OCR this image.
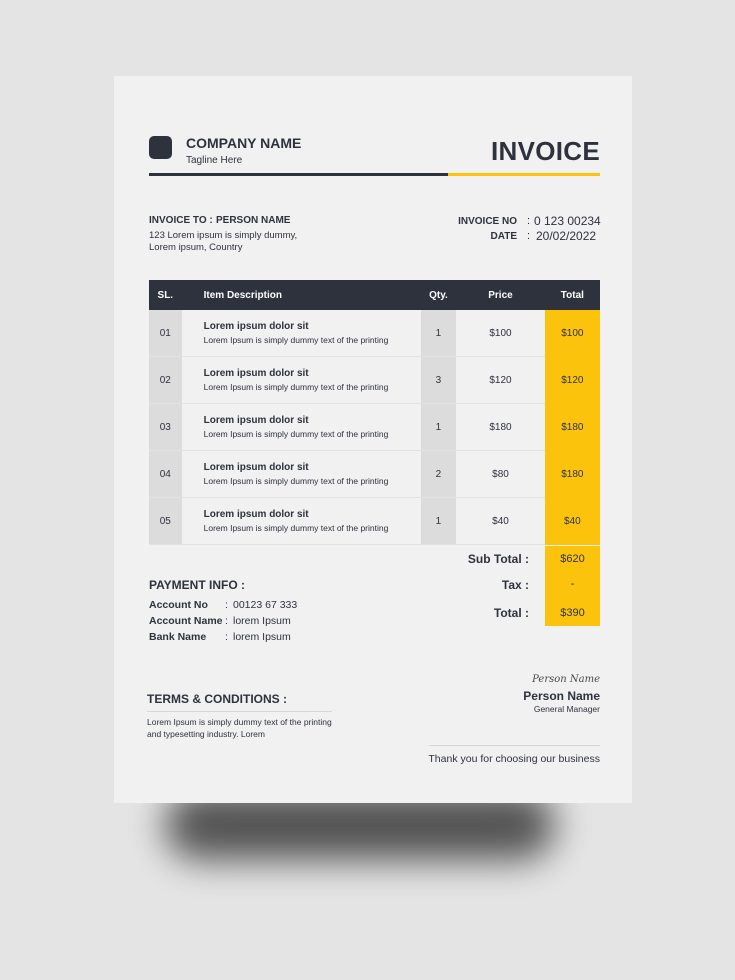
COMPANY NAME
Tagline Here	INVOICE
INVOICE TO : PERSON NAME
123 Lorem ipsum is simply dummy,
Lorem ipsum, Country
INVOICE NO : 0 123 00234
DATE : 20/02/2022
SL.	Item Description	Qty.	Price	Total
01	Lorem ipsum dolor sit
Lorem Ipsum is simply dummy text of the printing	1	$100	$100
02	Lorem ipsum dolor sit
Lorem Ipsum is simply dummy text of the printing	3	$120	$120
03	Lorem ipsum dolor sit
Lorem Ipsum is simply dummy text of the printing	1	$180	$180
04	Lorem ipsum dolor sit
Lorem Ipsum is simply dummy text of the printing	2	$80	$180
05	Lorem ipsum dolor sit
Lorem Ipsum is simply dummy text of the printing	1	$40	$40
Sub Total :	$620
Tax :	-
Total :	$390
PAYMENT INFO :
Account No : 00123 67 333
Account Name : lorem Ipsum
Bank Name : lorem Ipsum
TERMS & CONDITIONS :
Lorem Ipsum is simply dummy text of the printing
and typesetting industry. Lorem
Person Name
Person Name
General Manager
Thank you for choosing our business
